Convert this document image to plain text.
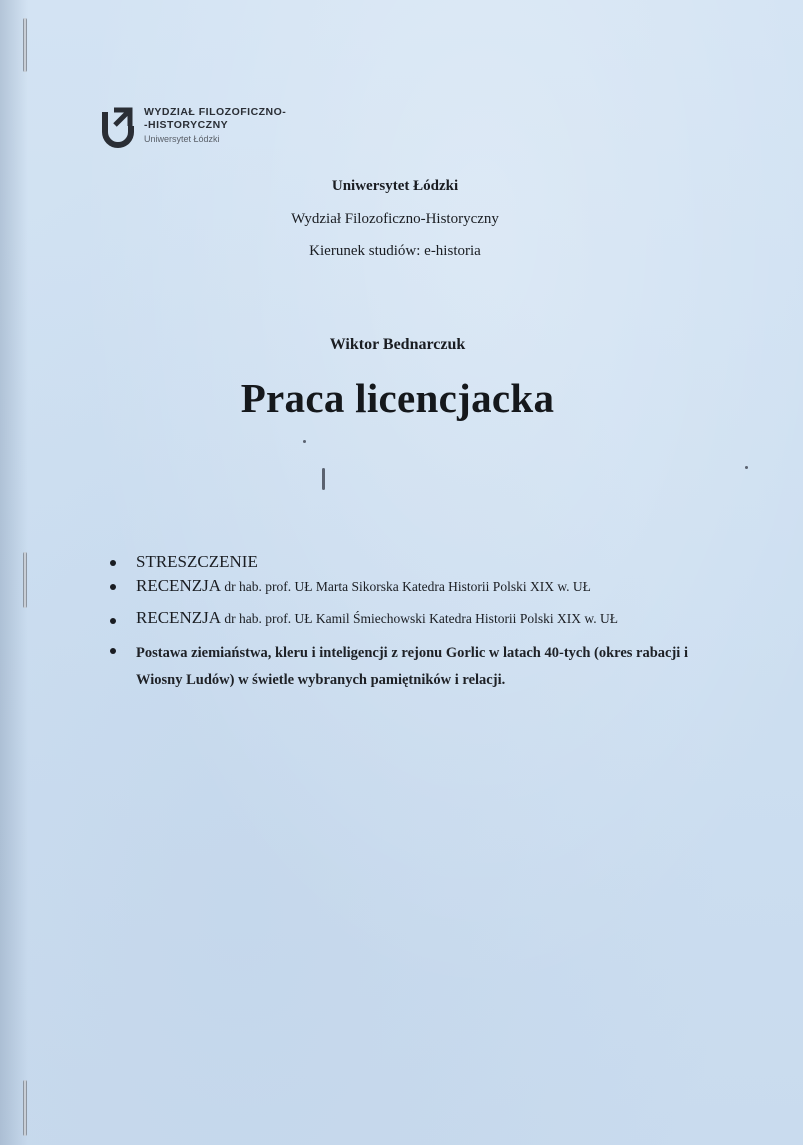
WYDZIAŁ FILOZOFICZNO-
-HISTORYCZNY
Uniwersytet Łódzki
Uniwersytet Łódzki
Wydział Filozoficzno-Historyczny
Kierunek studiów: e-historia
Wiktor Bednarczuk
Praca licencjacka
STRESZCZENIE
RECENZJA dr hab. prof. UŁ Marta Sikorska Katedra Historii Polski XIX w. UŁ
RECENZJA dr hab. prof. UŁ Kamil Śmiechowski Katedra Historii Polski XIX w. UŁ
Postawa ziemiaństwa, kleru i inteligencji z rejonu Gorlic w latach 40-tych (okres rabacji i Wiosny Ludów) w świetle wybranych pamiętników i relacji.
